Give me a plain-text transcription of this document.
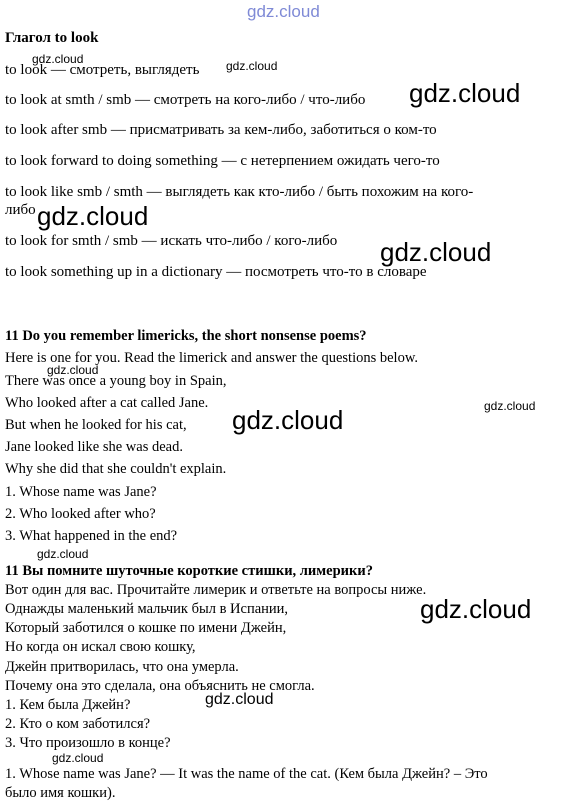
Глагол to look
to look — смотреть, выглядеть
to look at smth / smb — смотреть на кого-либо / что-либо
to look after smb — присматривать за кем-либо, заботиться о ком-то
to look forward to doing something — с нетерпением ожидать чего-то
to look like smb / smth — выглядеть как кто-либо / быть похожим на кого-
либо
to look for smth / smb — искать что-либо / кого-либо
to look something up in a dictionary — посмотреть что-то в словаре
11 Do you remember limericks, the short nonsense poems?
Here is one for you. Read the limerick and answer the questions below.
There was once a young boy in Spain,
Who looked after a cat called Jane.
But when he looked for his cat,
Jane looked like she was dead.
Why she did that she couldn't explain.
1. Whose name was Jane?
2. Who looked after who?
3. What happened in the end?
11 Вы помните шуточные короткие стишки, лимерики?
Вот один для вас. Прочитайте лимерик и ответьте на вопросы ниже.
Однажды маленький мальчик был в Испании,
Который заботился о кошке по имени Джейн,
Но когда он искал свою кошку,
Джейн притворилась, что она умерла.
Почему она это сделала, она объяснить не смогла.
1. Кем была Джейн?
2. Кто о ком заботился?
3. Что произошло в конце?
1. Whose name was Jane? — It was the name of the cat. (Кем была Джейн? – Это
было имя кошки).
gdz.cloud
gdz.cloud
gdz.cloud
gdz.cloud
gdz.cloud
gdz.cloud
gdz.cloud
gdz.cloud
gdz.cloud
gdz.cloud
gdz.cloud
gdz.cloud
gdz.cloud
